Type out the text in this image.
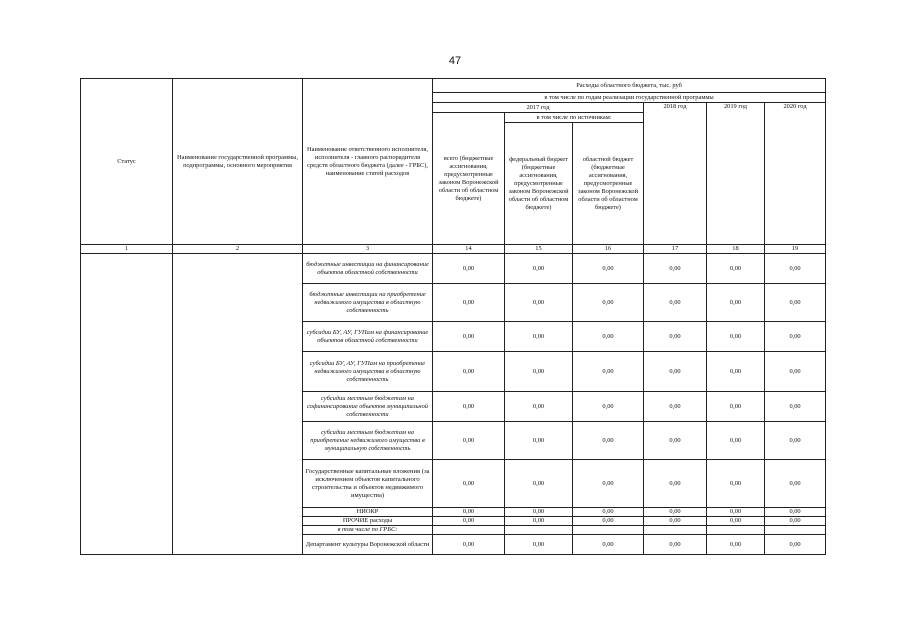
47
Статус	Наименование государственной программы, подпрограммы, основного мероприятия	Наименование ответственного исполнителя, исполнителя - главного распорядителя средств областного бюджета (далее - ГРБС), наименование статей расходов	Расходы областного бюджета, тыс. руб					
			в том числе по годам реализации государственной программы					
			2017 год			2018 год	2019 год	2020 год
			всего (бюджетные ассигнования, предусмотренные законом Воронежской области об областном бюджете)	в том числе по источникам:				
				федеральный бюджет (бюджетные ассигнования, предусмотренные законом Воронежской области об областном бюджете)	областной бюджет (бюджетные ассигнования, предусмотренные законом Воронежской области об областном бюджете)			
1	2	3	14	15	16	17	18	19
		бюджетные инвестиции на финансирование объектов областной собственности	0,00	0,00	0,00	0,00	0,00	0,00
		бюджетные инвестиции на приобретение недвижимого имущества в областную собственность	0,00	0,00	0,00	0,00	0,00	0,00
		субсидии БУ, АУ, ГУПам на финансирование объектов областной собственности	0,00	0,00	0,00	0,00	0,00	0,00
		субсидии БУ, АУ, ГУПам на приобретение недвижимого имущества в областную собственность	0,00	0,00	0,00	0,00	0,00	0,00
		субсидии местным бюджетам на софинансирование объектов муниципальной собственности	0,00	0,00	0,00	0,00	0,00	0,00
		субсидии местным бюджетам на приобретение недвижимого имущества в муниципальную собственность	0,00	0,00	0,00	0,00	0,00	0,00
		Государственные капитальные вложения (за исключением объектов капитального строительства и объектов недвижимого имущества)	0,00	0,00	0,00	0,00	0,00	0,00
		НИОКР	0,00	0,00	0,00	0,00	0,00	0,00
		ПРОЧИЕ расходы	0,00	0,00	0,00	0,00	0,00	0,00
		в том числе по ГРБС:						
		Департамент культуры Воронежской области	0,00	0,00	0,00	0,00	0,00	0,00
